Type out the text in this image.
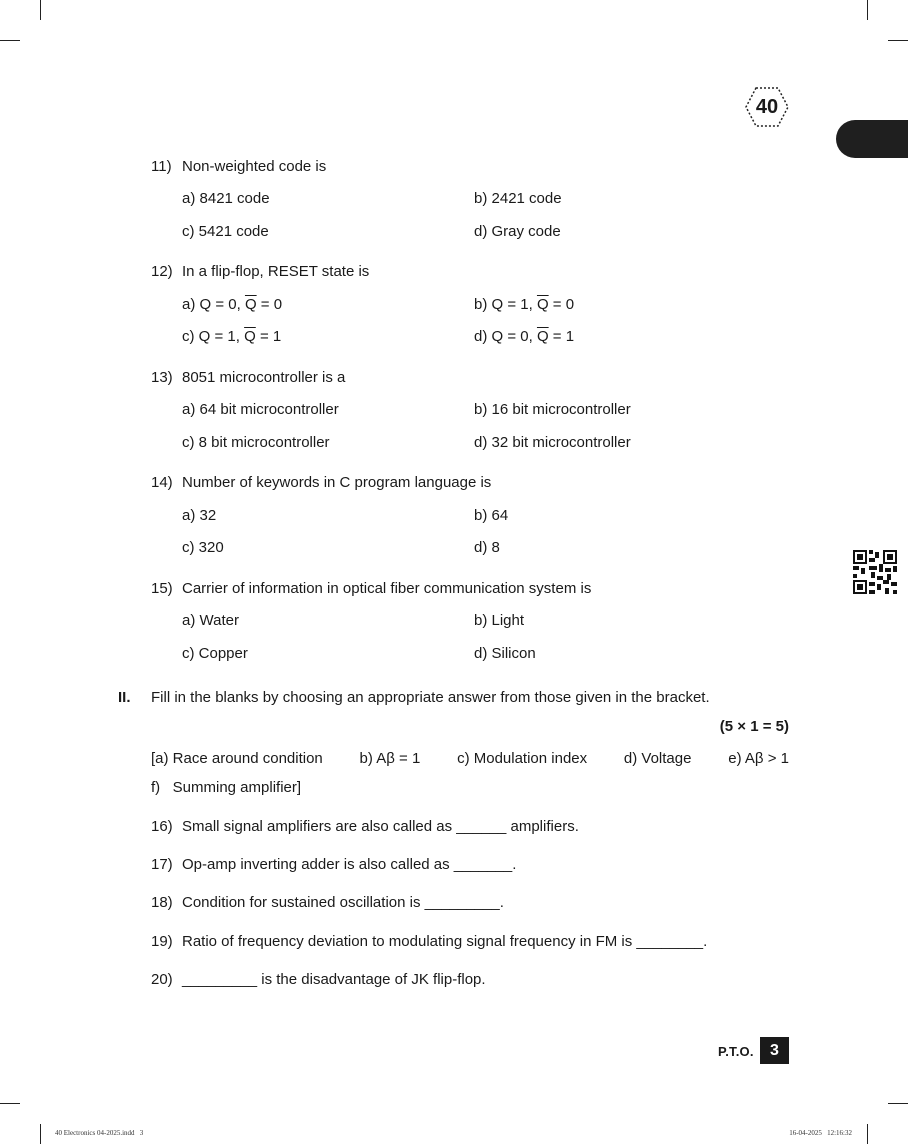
40
11) Non-weighted code is
a) 8421 code	b) 2421 code
c) 5421 code	d) Gray code
12) In a flip-flop, RESET state is
a) Q = 0, $\overline{Q} = 0$	b) Q = 1, $\overline{Q} = 0$
c) Q = 1, $\overline{Q} = 1$	d) Q = 0, $\overline{Q} = 1$
13) 8051 microcontroller is a
a) 64 bit microcontroller	b) 16 bit microcontroller
c) 8 bit microcontroller	d) 32 bit microcontroller
14) Number of keywords in C program language is
a) 32	b) 64
c) 320	d) 8
15) Carrier of information in optical fiber communication system is
a) Water	b) Light
c) Copper	d) Silicon
II. Fill in the blanks by choosing an appropriate answer from those given in the bracket.
(5 × 1 = 5)
[a) Race around condition b) Aβ = 1 c) Modulation index d) Voltage e) Aβ > 1
f)   Summing amplifier]
16) Small signal amplifiers are also called as ______ amplifiers.
17) Op-amp inverting adder is also called as _______.
18) Condition for sustained oscillation is _________.
19) Ratio of frequency deviation to modulating signal frequency in FM is ________.
20) _________ is the disadvantage of JK flip-flop.
P.T.O.	3
40 Electronics 04-2025.indd   3	16-04-2025   12:16:32
